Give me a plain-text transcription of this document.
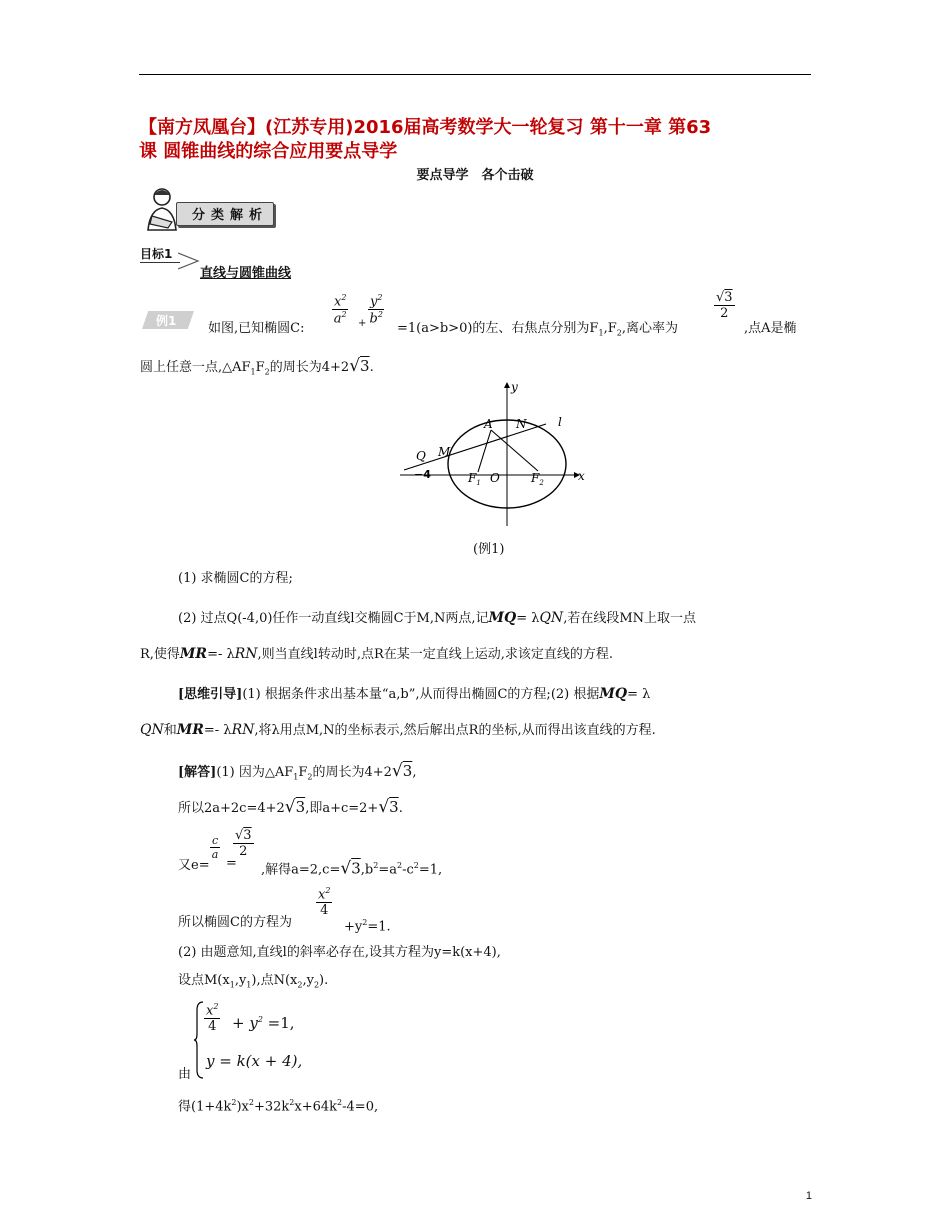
【南方凤凰台】(江苏专用)2016届高考数学大一轮复习 第十一章 第63
课 圆锥曲线的综合应用要点导学
要点导学　各个击破
分类解析
目标1
直线与圆锥曲线
例1 如图,已知椭圆C:
$\frac{x^2}{a^2} + \frac{y^2}{b^2}$
=1(a>b>0)的左、右焦点分别为$F_1,F_2$,离心率为
$\frac{√3}{2}$
,点A是椭
圆上任意一点$,\triangle AF_1F_2$的周长为4+2√3.
y
x
A N	l
Q M
O
$F_1$	$F_2$
−4
(例1)
(1) 求椭圆C的方程;
(2) 过点Q(-4,0)任作一动直线l交椭圆C于M,N两点,记MQ= λQN,若在线段MN上取一点
R,使得MR=- λRN,则当直线l转动时,点R在某一定直线上运动,求该定直线的方程.
[思维引导](1) 根据条件求出基本量“a,b”,从而得出椭圆C的方程;(2) 根据MQ= λ
QN和MR=- λRN,将λ用点M,N的坐标表示,然后解出点R的坐标,从而得出该直线的方程.
[解答](1) 因为$\triangle AF_1F_2$的周长为4+2√3,
所以2a+2c=4+2√3,即a+c=2+√3.
又e=
$\frac{c}{a}$
=
$\frac{√3}{2}$
,解得$a=2,c=√3,b^2=a^2-c^2=1$,
所以椭圆C的方程为
$\frac{x^2}{4}$
$+y^2=1$.
(2) 由题意知,直线l的斜率必存在,设其方程为y=k(x+4),
设点$M(x_1,y_1)$,点$N(x_2,y_2)$.
$\frac{x^2}{4} + y^2 =1$,
y = k(x + 4),
由
得$(1+4k^2)x^2+32k^2x+64k^2-4=0$,
1
